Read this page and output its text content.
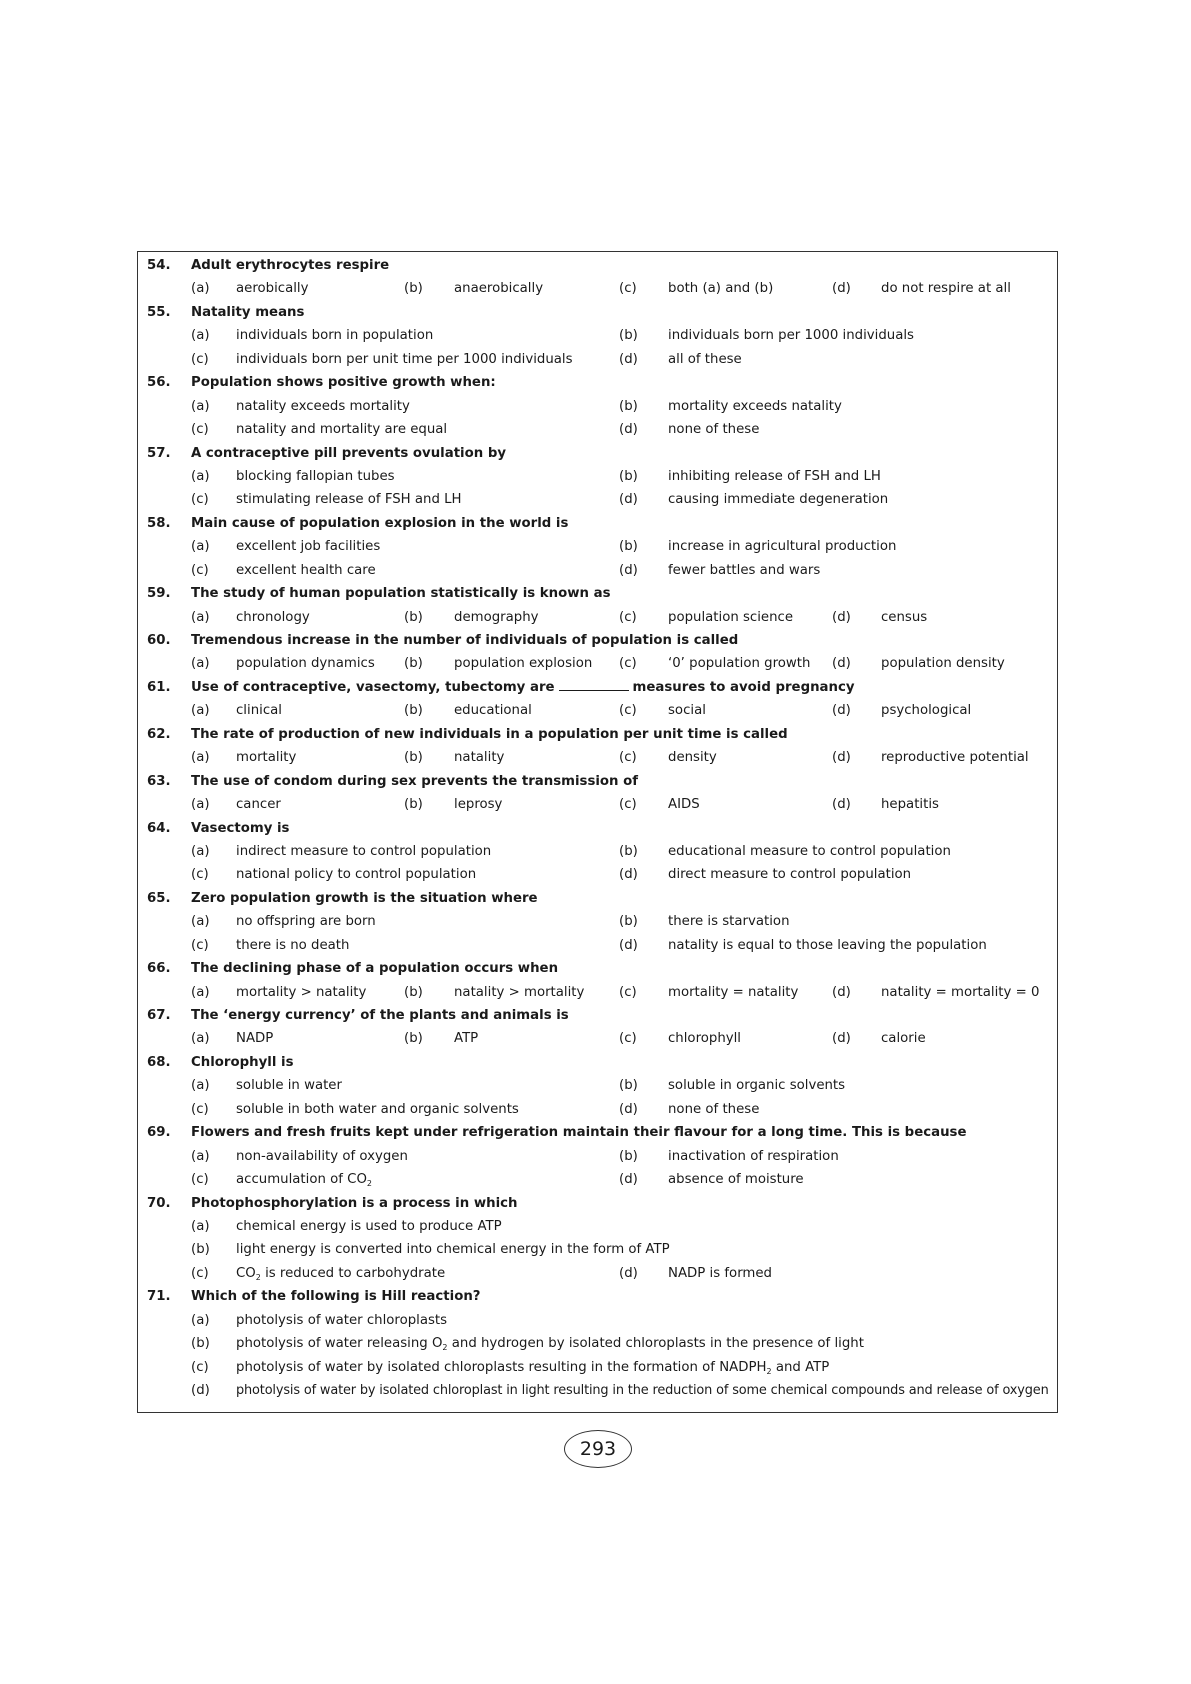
54. Adult erythrocytes respire
(a) aerobically	(b) anaerobically	(c) both (a) and (b)	(d) do not respire at all
55. Natality means
(a) individuals born in population	(b) individuals born per 1000 individuals
(c) individuals born per unit time per 1000 individuals	(d) all of these
56. Population shows positive growth when:
(a) natality exceeds mortality	(b) mortality exceeds natality
(c) natality and mortality are equal	(d) none of these
57. A contraceptive pill prevents ovulation by
(a) blocking fallopian tubes	(b) inhibiting release of FSH and LH
(c) stimulating release of FSH and LH	(d) causing immediate degeneration
58. Main cause of population explosion in the world is
(a) excellent job facilities	(b) increase in agricultural production
(c) excellent health care	(d) fewer battles and wars
59. The study of human population statistically is known as
(a) chronology	(b) demography	(c) population science	(d) census
60. Tremendous increase in the number of individuals of population is called
(a) population dynamics (b) population explosion (c) ‘0’ population growth (d) population density
61. Use of contraceptive, vasectomy, tubectomy are	measures to avoid pregnancy
(a) clinical	(b) educational	(c) social	(d) psychological
62. The rate of production of new individuals in a population per unit time is called
(a) mortality	(b) natality	(c) density	(d) reproductive potential
63. The use of condom during sex prevents the transmission of
(a) cancer	(b) leprosy	(c) AIDS	(d) hepatitis
64. Vasectomy is
(a) indirect measure to control population	(b) educational measure to control population
(c) national policy to control population	(d) direct measure to control population
65. Zero population growth is the situation where
(a) no offspring are born	(b) there is starvation
(c) there is no death	(d) natality is equal to those leaving the population
66. The declining phase of a population occurs when
(a) mortality > natality	(b) natality > mortality	(c) mortality = natality	(d) natality = mortality = 0
67. The ‘energy currency’ of the plants and animals is
(a) NADP	(b) ATP	(c) chlorophyll	(d) calorie
68. Chlorophyll is
(a) soluble in water	(b) soluble in organic solvents
(c) soluble in both water and organic solvents	(d) none of these
69. Flowers and fresh fruits kept under refrigeration maintain their flavour for a long time. This is because
(a) non-availability of oxygen	(b) inactivation of respiration
(c) accumulation of $CO_2$	(d) absence of moisture
70. Photophosphorylation is a process in which
(a) chemical energy is used to produce ATP
(b) light energy is converted into chemical energy in the form of ATP
(c) $CO_2$ is reduced to carbohydrate	(d) NADP is formed
71. Which of the following is Hill reaction?
(a) photolysis of water chloroplasts
(b) photolysis of water releasing $O_2$ and hydrogen by isolated chloroplasts in the presence of light
(c) photolysis of water by isolated chloroplasts resulting in the formation of $NADPH_2$ and ATP
(d) photolysis of water by isolated chloroplast in light resulting in the reduction of some chemical compounds and release of oxygen
293
